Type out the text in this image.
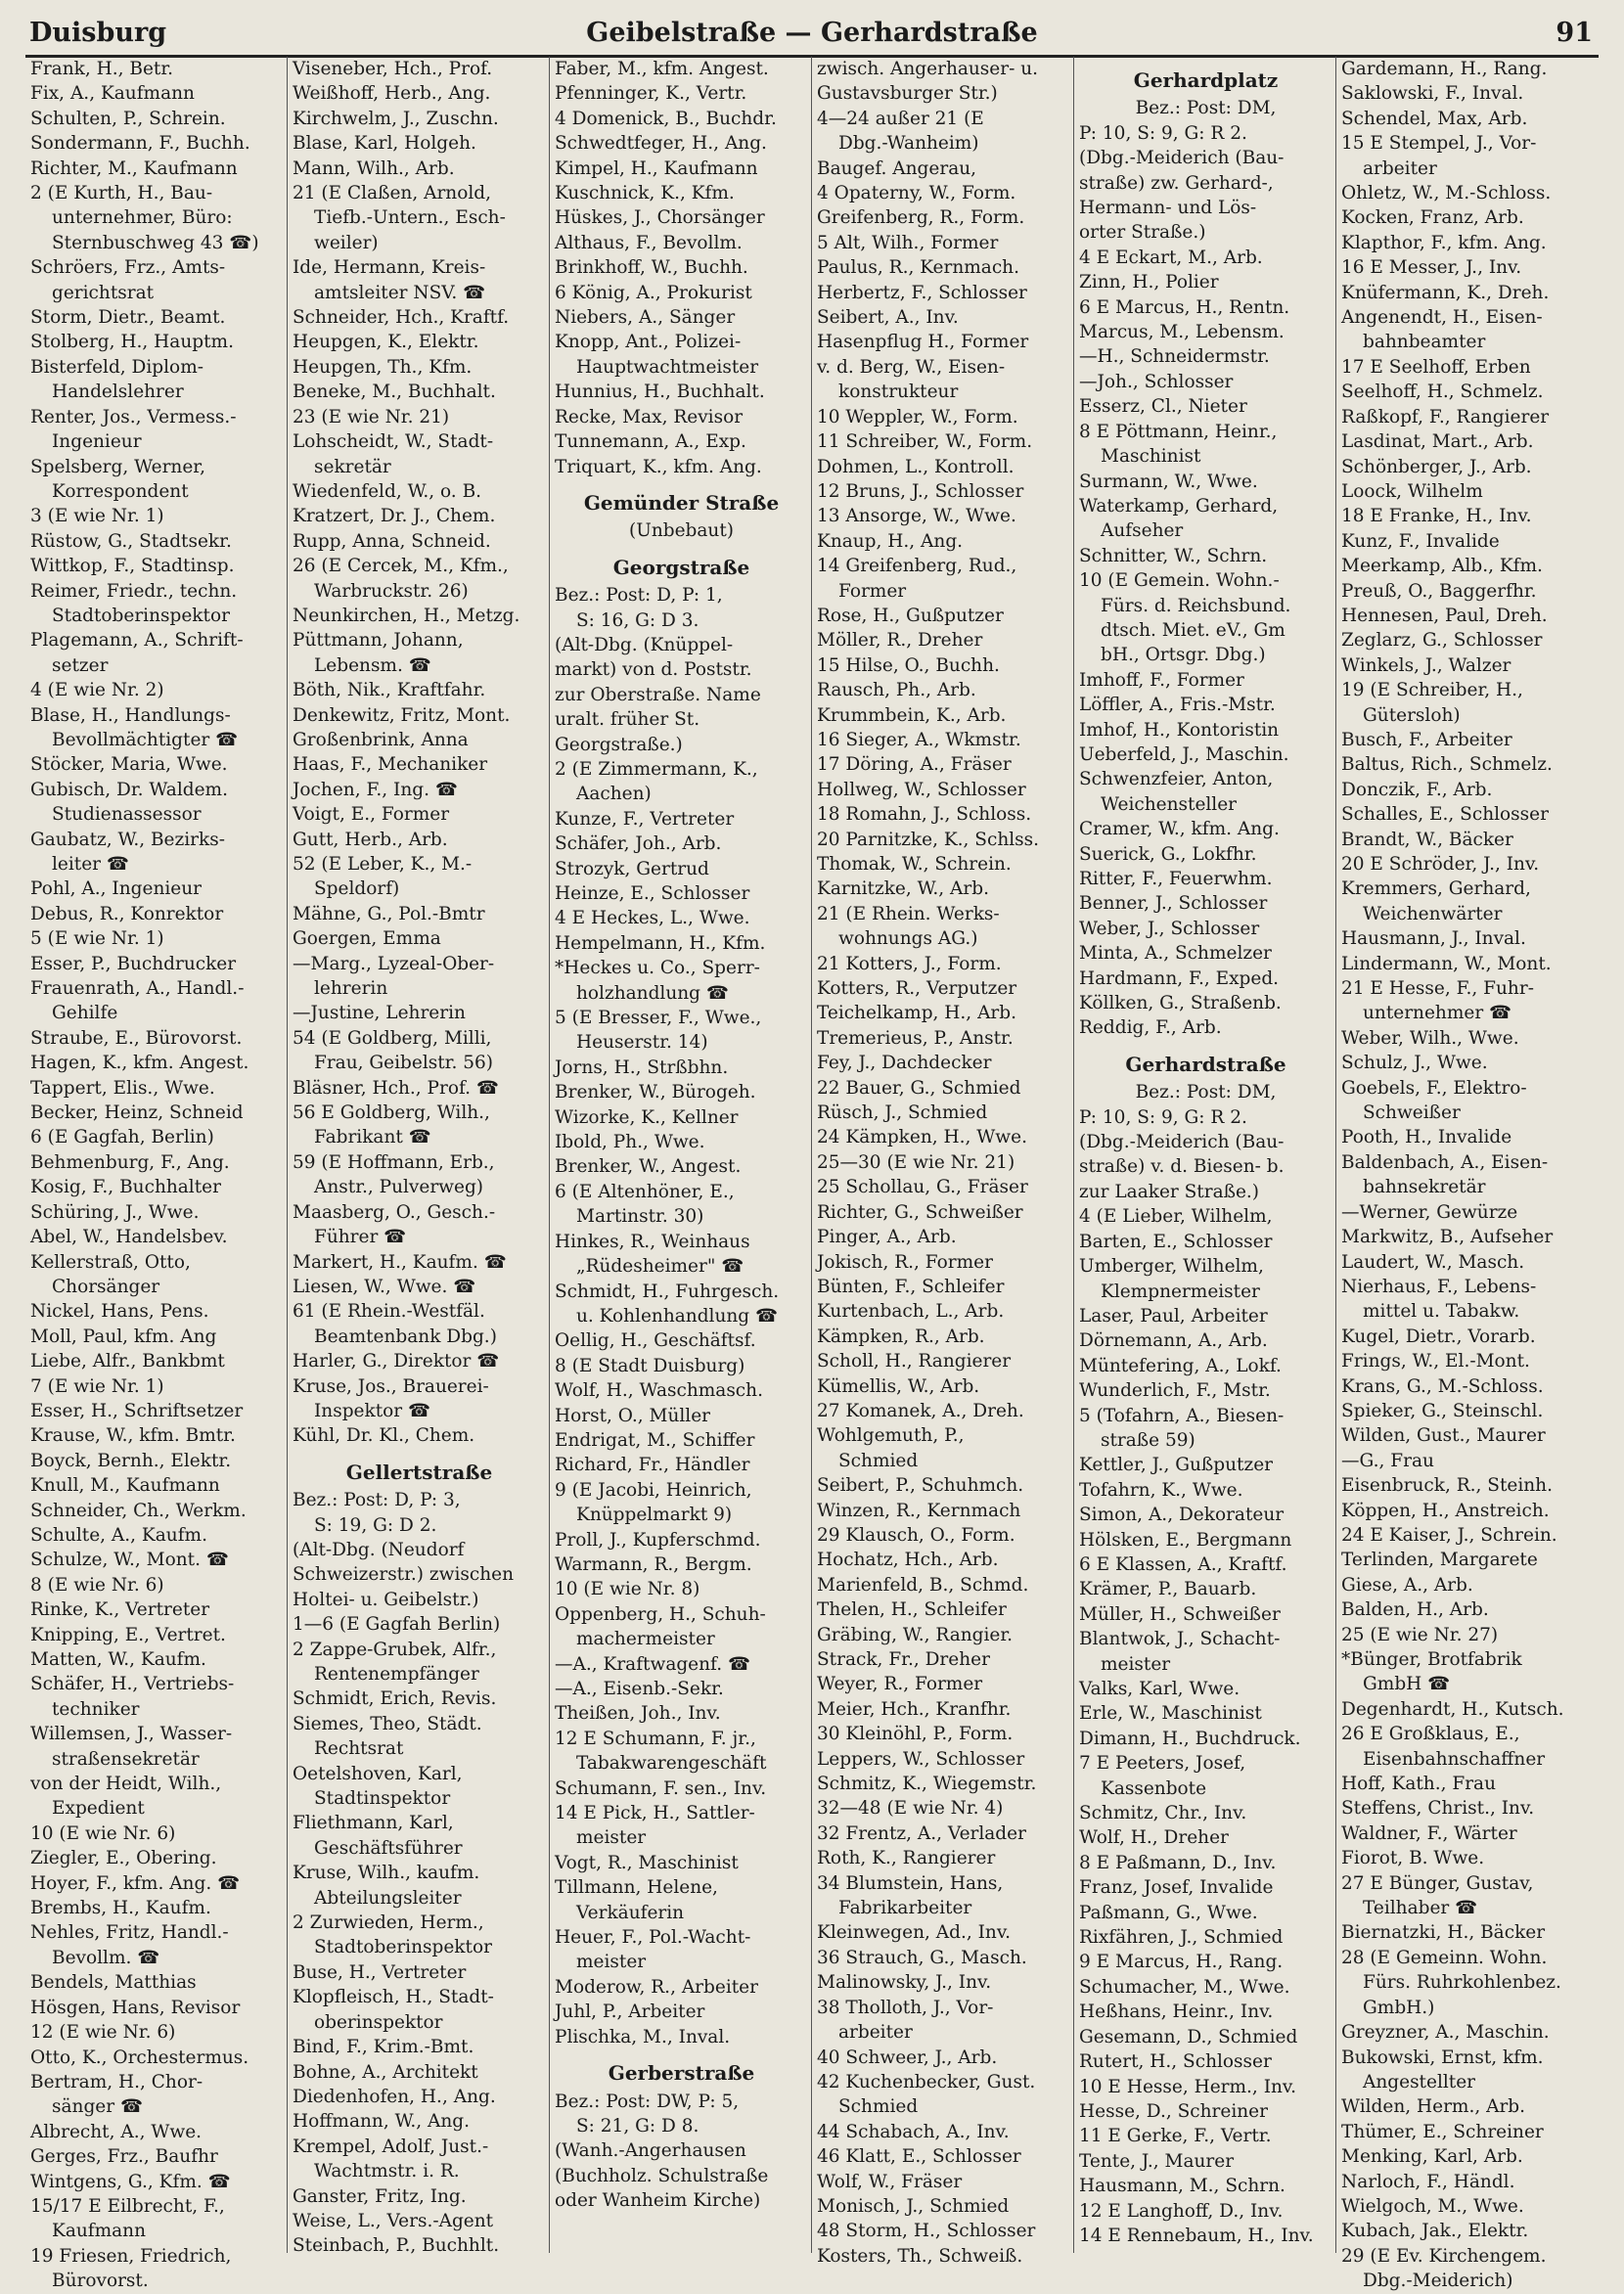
Duisburg	Geibelstraße — Gerhardstraße	91
Frank, H., Betr.
Fix, A., Kaufmann
Schulten, P., Schrein.
Sondermann, F., Buchh.
Richter, M., Kaufmann
2 (E Kurth, H., Bau-
unternehmer, Büro:
Sternbuschweg 43 ☎)
Schröers, Frz., Amts-
gerichtsrat
Storm, Dietr., Beamt.
Stolberg, H., Hauptm.
Bisterfeld, Diplom-
Handelslehrer
Renter, Jos., Vermess.-
Ingenieur
Spelsberg, Werner,
Korrespondent
3 (E wie Nr. 1)
Rüstow, G., Stadtsekr.
Wittkop, F., Stadtinsp.
Reimer, Friedr., techn.
Stadtoberinspektor
Plagemann, A., Schrift-
setzer
4 (E wie Nr. 2)
Blase, H., Handlungs-
Bevollmächtigter ☎
Stöcker, Maria, Wwe.
Gubisch, Dr. Waldem.
Studienassessor
Gaubatz, W., Bezirks-
leiter ☎
Pohl, A., Ingenieur
Debus, R., Konrektor
5 (E wie Nr. 1)
Esser, P., Buchdrucker
Frauenrath, A., Handl.-
Gehilfe
Straube, E., Bürovorst.
Hagen, K., kfm. Angest.
Tappert, Elis., Wwe.
Becker, Heinz, Schneid
6 (E Gagfah, Berlin)
Behmenburg, F., Ang.
Kosig, F., Buchhalter
Schüring, J., Wwe.
Abel, W., Handelsbev.
Kellerstraß, Otto,
Chorsänger
Nickel, Hans, Pens.
Moll, Paul, kfm. Ang
Liebe, Alfr., Bankbmt
7 (E wie Nr. 1)
Esser, H., Schriftsetzer
Krause, W., kfm. Bmtr.
Boyck, Bernh., Elektr.
Knull, M., Kaufmann
Schneider, Ch., Werkm.
Schulte, A., Kaufm.
Schulze, W., Mont. ☎
8 (E wie Nr. 6)
Rinke, K., Vertreter
Knipping, E., Vertret.
Matten, W., Kaufm.
Schäfer, H., Vertriebs-
techniker
Willemsen, J., Wasser-
straßensekretär
von der Heidt, Wilh.,
Expedient
10 (E wie Nr. 6)
Ziegler, E., Obering.
Hoyer, F., kfm. Ang. ☎
Brembs, H., Kaufm.
Nehles, Fritz, Handl.-
Bevollm. ☎
Bendels, Matthias
Hösgen, Hans, Revisor
12 (E wie Nr. 6)
Otto, K., Orchestermus.
Bertram, H., Chor-
sänger ☎
Albrecht, A., Wwe.
Gerges, Frz., Baufhr
Wintgens, G., Kfm. ☎
15/17 E Eilbrecht, F.,
Kaufmann
19 Friesen, Friedrich,
Bürovorst.
Viseneber, Hch., Prof.
Weißhoff, Herb., Ang.
Kirchwelm, J., Zuschn.
Blase, Karl, Holgeh.
Mann, Wilh., Arb.
21 (E Claßen, Arnold,
Tiefb.-Untern., Esch-
weiler)
Ide, Hermann, Kreis-
amtsleiter NSV. ☎
Schneider, Hch., Kraftf.
Heupgen, K., Elektr.
Heupgen, Th., Kfm.
Beneke, M., Buchhalt.
23 (E wie Nr. 21)
Lohscheidt, W., Stadt-
sekretär
Wiedenfeld, W., o. B.
Kratzert, Dr. J., Chem.
Rupp, Anna, Schneid.
26 (E Cercek, M., Kfm.,
Warbruckstr. 26)
Neunkirchen, H., Metzg.
Püttmann, Johann,
Lebensm. ☎
Böth, Nik., Kraftfahr.
Denkewitz, Fritz, Mont.
Großenbrink, Anna
Haas, F., Mechaniker
Jochen, F., Ing. ☎
Voigt, E., Former
Gutt, Herb., Arb.
52 (E Leber, K., M.-
Speldorf)
Mähne, G., Pol.-Bmtr
Goergen, Emma
—Marg., Lyzeal-Ober-
lehrerin
—Justine, Lehrerin
54 (E Goldberg, Milli,
Frau, Geibelstr. 56)
Bläsner, Hch., Prof. ☎
56 E Goldberg, Wilh.,
Fabrikant ☎
59 (E Hoffmann, Erb.,
Anstr., Pulverweg)
Maasberg, O., Gesch.-
Führer ☎
Markert, H., Kaufm. ☎
Liesen, W., Wwe. ☎
61 (E Rhein.-Westfäl.
Beamtenbank Dbg.)
Harler, G., Direktor ☎
Kruse, Jos., Brauerei-
Inspektor ☎
Kühl, Dr. Kl., Chem.
Gellertstraße
Bez.: Post: D, P: 3,
S: 19, G: D 2.
(Alt-Dbg. (Neudorf
Schweizerstr.) zwischen
Holtei- u. Geibelstr.)
1—6 (E Gagfah Berlin)
2 Zappe-Grubek, Alfr.,
Rentenempfänger
Schmidt, Erich, Revis.
Siemes, Theo, Städt.
Rechtsrat
Oetelshoven, Karl,
Stadtinspektor
Fliethmann, Karl,
Geschäftsführer
Kruse, Wilh., kaufm.
Abteilungsleiter
2 Zurwieden, Herm.,
Stadtoberinspektor
Buse, H., Vertreter
Klopfleisch, H., Stadt-
oberinspektor
Bind, F., Krim.-Bmt.
Bohne, A., Architekt
Diedenhofen, H., Ang.
Hoffmann, W., Ang.
Krempel, Adolf, Just.-
Wachtmstr. i. R.
Ganster, Fritz, Ing.
Weise, L., Vers.-Agent
Steinbach, P., Buchhlt.
Faber, M., kfm. Angest.
Pfenninger, K., Vertr.
4 Domenick, B., Buchdr.
Schwedtfeger, H., Ang.
Kimpel, H., Kaufmann
Kuschnick, K., Kfm.
Hüskes, J., Chorsänger
Althaus, F., Bevollm.
Brinkhoff, W., Buchh.
6 König, A., Prokurist
Niebers, A., Sänger
Knopp, Ant., Polizei-
Hauptwachtmeister
Hunnius, H., Buchhalt.
Recke, Max, Revisor
Tunnemann, A., Exp.
Triquart, K., kfm. Ang.
Gemünder Straße
(Unbebaut)
Georgstraße
Bez.: Post: D, P: 1,
S: 16, G: D 3.
(Alt-Dbg. (Knüppel-
markt) von d. Poststr.
zur Oberstraße. Name
uralt. früher St.
Georgstraße.)
2 (E Zimmermann, K.,
Aachen)
Kunze, F., Vertreter
Schäfer, Joh., Arb.
Strozyk, Gertrud
Heinze, E., Schlosser
4 E Heckes, L., Wwe.
Hempelmann, H., Kfm.
*Heckes u. Co., Sperr-
holzhandlung ☎
5 (E Bresser, F., Wwe.,
Heuserstr. 14)
Jorns, H., Strßbhn.
Brenker, W., Bürogeh.
Wizorke, K., Kellner
Ibold, Ph., Wwe.
Brenker, W., Angest.
6 (E Altenhöner, E.,
Martinstr. 30)
Hinkes, R., Weinhaus
„Rüdesheimer" ☎
Schmidt, H., Fuhrgesch.
u. Kohlenhandlung ☎
Oellig, H., Geschäftsf.
8 (E Stadt Duisburg)
Wolf, H., Waschmasch.
Horst, O., Müller
Endrigat, M., Schiffer
Richard, Fr., Händler
9 (E Jacobi, Heinrich,
Knüppelmarkt 9)
Proll, J., Kupferschmd.
Warmann, R., Bergm.
10 (E wie Nr. 8)
Oppenberg, H., Schuh-
machermeister
—A., Kraftwagenf. ☎
—A., Eisenb.-Sekr.
Theißen, Joh., Inv.
12 E Schumann, F. jr.,
Tabakwarengeschäft
Schumann, F. sen., Inv.
14 E Pick, H., Sattler-
meister
Vogt, R., Maschinist
Tillmann, Helene,
Verkäuferin
Heuer, F., Pol.-Wacht-
meister
Moderow, R., Arbeiter
Juhl, P., Arbeiter
Plischka, M., Inval.
Gerberstraße
Bez.: Post: DW, P: 5,
S: 21, G: D 8.
(Wanh.-Angerhausen
(Buchholz. Schulstraße
oder Wanheim Kirche)
zwisch. Angerhauser- u.
Gustavsburger Str.)
4—24 außer 21 (E
Dbg.-Wanheim)
Baugef. Angerau,
4 Opaterny, W., Form.
Greifenberg, R., Form.
5 Alt, Wilh., Former
Paulus, R., Kernmach.
Herbertz, F., Schlosser
Seibert, A., Inv.
Hasenpflug H., Former
v. d. Berg, W., Eisen-
konstrukteur
10 Weppler, W., Form.
11 Schreiber, W., Form.
Dohmen, L., Kontroll.
12 Bruns, J., Schlosser
13 Ansorge, W., Wwe.
Knaup, H., Ang.
14 Greifenberg, Rud.,
Former
Rose, H., Gußputzer
Möller, R., Dreher
15 Hilse, O., Buchh.
Rausch, Ph., Arb.
Krummbein, K., Arb.
16 Sieger, A., Wkmstr.
17 Döring, A., Fräser
Hollweg, W., Schlosser
18 Romahn, J., Schloss.
20 Parnitzke, K., Schlss.
Thomak, W., Schrein.
Karnitzke, W., Arb.
21 (E Rhein. Werks-
wohnungs AG.)
21 Kotters, J., Form.
Kotters, R., Verputzer
Teichelkamp, H., Arb.
Tremerieus, P., Anstr.
Fey, J., Dachdecker
22 Bauer, G., Schmied
Rüsch, J., Schmied
24 Kämpken, H., Wwe.
25—30 (E wie Nr. 21)
25 Schollau, G., Fräser
Richter, G., Schweißer
Pinger, A., Arb.
Jokisch, R., Former
Bünten, F., Schleifer
Kurtenbach, L., Arb.
Kämpken, R., Arb.
Scholl, H., Rangierer
Kümellis, W., Arb.
27 Komanek, A., Dreh.
Wohlgemuth, P.,
Schmied
Seibert, P., Schuhmch.
Winzen, R., Kernmach
29 Klausch, O., Form.
Hochatz, Hch., Arb.
Marienfeld, B., Schmd.
Thelen, H., Schleifer
Gräbing, W., Rangier.
Strack, Fr., Dreher
Weyer, R., Former
Meier, Hch., Kranfhr.
30 Kleinöhl, P., Form.
Leppers, W., Schlosser
Schmitz, K., Wiegemstr.
32—48 (E wie Nr. 4)
32 Frentz, A., Verlader
Roth, K., Rangierer
34 Blumstein, Hans,
Fabrikarbeiter
Kleinwegen, Ad., Inv.
36 Strauch, G., Masch.
Malinowsky, J., Inv.
38 Tholloth, J., Vor-
arbeiter
40 Schweer, J., Arb.
42 Kuchenbecker, Gust.
Schmied
44 Schabach, A., Inv.
46 Klatt, E., Schlosser
Wolf, W., Fräser
Monisch, J., Schmied
48 Storm, H., Schlosser
Kosters, Th., Schweiß.
Gerhardplatz
Bez.: Post: DM,
P: 10, S: 9, G: R 2.
(Dbg.-Meiderich (Bau-
straße) zw. Gerhard-,
Hermann- und Lös-
orter Straße.)
4 E Eckart, M., Arb.
Zinn, H., Polier
6 E Marcus, H., Rentn.
Marcus, M., Lebensm.
—H., Schneidermstr.
—Joh., Schlosser
Esserz, Cl., Nieter
8 E Pöttmann, Heinr.,
Maschinist
Surmann, W., Wwe.
Waterkamp, Gerhard,
Aufseher
Schnitter, W., Schrn.
10 (E Gemein. Wohn.-
Fürs. d. Reichsbund.
dtsch. Miet. eV., Gm
bH., Ortsgr. Dbg.)
Imhoff, F., Former
Löffler, A., Fris.-Mstr.
Imhof, H., Kontoristin
Ueberfeld, J., Maschin.
Schwenzfeier, Anton,
Weichensteller
Cramer, W., kfm. Ang.
Suerick, G., Lokfhr.
Ritter, F., Feuerwhm.
Benner, J., Schlosser
Weber, J., Schlosser
Minta, A., Schmelzer
Hardmann, F., Exped.
Köllken, G., Straßenb.
Reddig, F., Arb.
Gerhardstraße
Bez.: Post: DM,
P: 10, S: 9, G: R 2.
(Dbg.-Meiderich (Bau-
straße) v. d. Biesen- b.
zur Laaker Straße.)
4 (E Lieber, Wilhelm,
Barten, E., Schlosser
Umberger, Wilhelm,
Klempnermeister
Laser, Paul, Arbeiter
Dörnemann, A., Arb.
Müntefering, A., Lokf.
Wunderlich, F., Mstr.
5 (Tofahrn, A., Biesen-
straße 59)
Kettler, J., Gußputzer
Tofahrn, K., Wwe.
Simon, A., Dekorateur
Hölsken, E., Bergmann
6 E Klassen, A., Kraftf.
Krämer, P., Bauarb.
Müller, H., Schweißer
Blantwok, J., Schacht-
meister
Valks, Karl, Wwe.
Erle, W., Maschinist
Dimann, H., Buchdruck.
7 E Peeters, Josef,
Kassenbote
Schmitz, Chr., Inv.
Wolf, H., Dreher
8 E Paßmann, D., Inv.
Franz, Josef, Invalide
Paßmann, G., Wwe.
Rixfähren, J., Schmied
9 E Marcus, H., Rang.
Schumacher, M., Wwe.
Heßhans, Heinr., Inv.
Gesemann, D., Schmied
Rutert, H., Schlosser
10 E Hesse, Herm., Inv.
Hesse, D., Schreiner
11 E Gerke, F., Vertr.
Tente, J., Maurer
Hausmann, M., Schrn.
12 E Langhoff, D., Inv.
14 E Rennebaum, H., Inv.
Gardemann, H., Rang.
Saklowski, F., Inval.
Schendel, Max, Arb.
15 E Stempel, J., Vor-
arbeiter
Ohletz, W., M.-Schloss.
Kocken, Franz, Arb.
Klapthor, F., kfm. Ang.
16 E Messer, J., Inv.
Knüfermann, K., Dreh.
Angenendt, H., Eisen-
bahnbeamter
17 E Seelhoff, Erben
Seelhoff, H., Schmelz.
Raßkopf, F., Rangierer
Lasdinat, Mart., Arb.
Schönberger, J., Arb.
Loock, Wilhelm
18 E Franke, H., Inv.
Kunz, F., Invalide
Meerkamp, Alb., Kfm.
Preuß, O., Baggerfhr.
Hennesen, Paul, Dreh.
Zeglarz, G., Schlosser
Winkels, J., Walzer
19 (E Schreiber, H.,
Gütersloh)
Busch, F., Arbeiter
Baltus, Rich., Schmelz.
Donczik, F., Arb.
Schalles, E., Schlosser
Brandt, W., Bäcker
20 E Schröder, J., Inv.
Kremmers, Gerhard,
Weichenwärter
Hausmann, J., Inval.
Lindermann, W., Mont.
21 E Hesse, F., Fuhr-
unternehmer ☎
Weber, Wilh., Wwe.
Schulz, J., Wwe.
Goebels, F., Elektro-
Schweißer
Pooth, H., Invalide
Baldenbach, A., Eisen-
bahnsekretär
—Werner, Gewürze
Markwitz, B., Aufseher
Laudert, W., Masch.
Nierhaus, F., Lebens-
mittel u. Tabakw.
Kugel, Dietr., Vorarb.
Frings, W., El.-Mont.
Krans, G., M.-Schloss.
Spieker, G., Steinschl.
Wilden, Gust., Maurer
—G., Frau
Eisenbruck, R., Steinh.
Köppen, H., Anstreich.
24 E Kaiser, J., Schrein.
Terlinden, Margarete
Giese, A., Arb.
Balden, H., Arb.
25 (E wie Nr. 27)
*Bünger, Brotfabrik
GmbH ☎
Degenhardt, H., Kutsch.
26 E Großklaus, E.,
Eisenbahnschaffner
Hoff, Kath., Frau
Steffens, Christ., Inv.
Waldner, F., Wärter
Fiorot, B. Wwe.
27 E Bünger, Gustav,
Teilhaber ☎
Biernatzki, H., Bäcker
28 (E Gemeinn. Wohn.
Fürs. Ruhrkohlenbez.
GmbH.)
Greyzner, A., Maschin.
Bukowski, Ernst, kfm.
Angestellter
Wilden, Herm., Arb.
Thümer, E., Schreiner
Menking, Karl, Arb.
Narloch, F., Händl.
Wielgoch, M., Wwe.
Kubach, Jak., Elektr.
29 (E Ev. Kirchengem.
Dbg.-Meiderich)
